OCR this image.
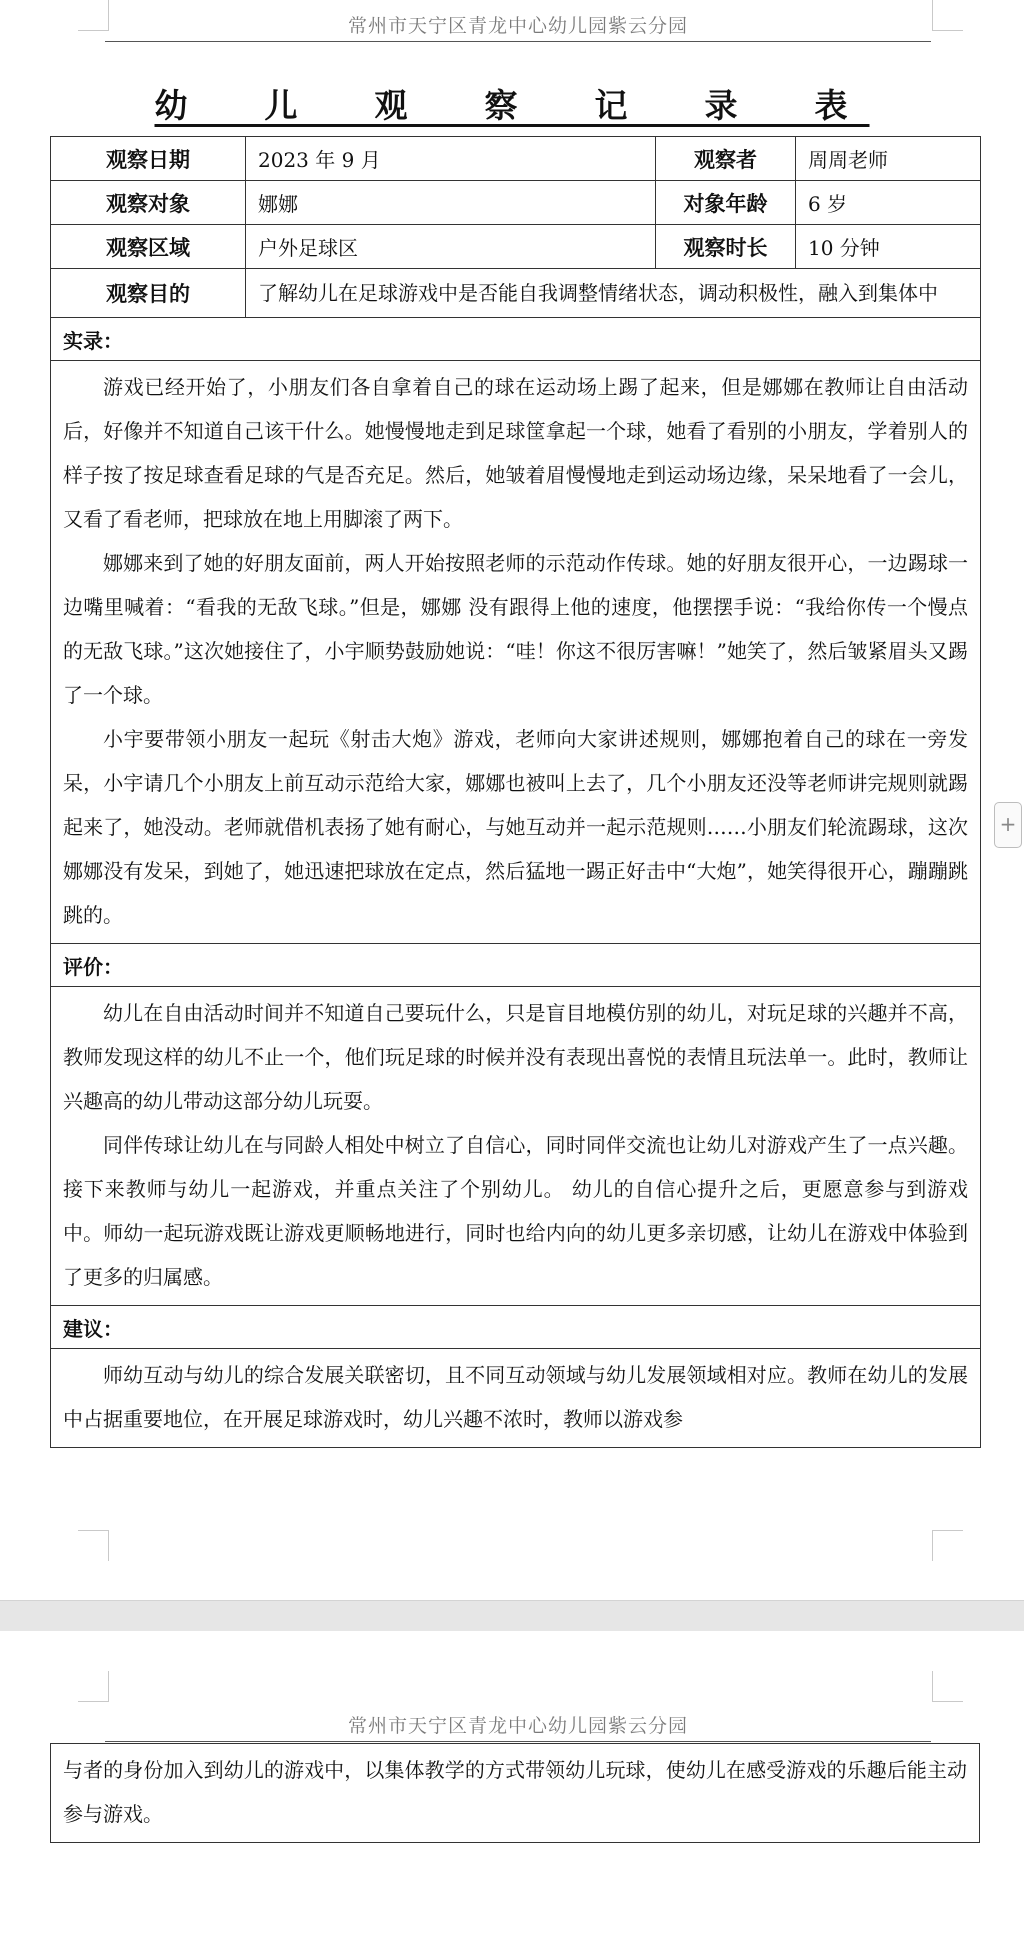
常州市天宁区青龙中心幼儿园紫云分园
幼　儿　观　察　记　录　表
观察日期	2023 年 9 月	观察者	周周老师
观察对象	娜娜	对象年龄	6 岁
观察区域	户外足球区	观察时长	10 分钟
观察目的	了解幼儿在足球游戏中是否能自我调整情绪状态，调动积极性，融入到集体中		
实录：			

游戏已经开始了，小朋友们各自拿着自己的球在运动场上踢了起来，但是娜娜在教师让自由活动后，好像并不知道自己该干什么。她慢慢地走到足球筐拿起一个球，她看了看别的小朋友，学着别人的样子按了按足球查看足球的气是否充足。然后，她皱着眉慢慢地走到运动场边缘，呆呆地看了一会儿，又看了看老师，把球放在地上用脚滚了两下。
娜娜来到了她的好朋友面前，两人开始按照老师的示范动作传球。她的好朋友很开心，一边踢球一边嘴里喊着：“看我的无敌飞球。”但是，娜娜 没有跟得上他的速度，他摆摆手说：“我给你传一个慢点的无敌飞球。”这次她接住了，小宇顺势鼓励她说：“哇！你这不很厉害嘛！”她笑了，然后皱紧眉头又踢了一个球。
小宇要带领小朋友一起玩《射击大炮》游戏，老师向大家讲述规则，娜娜抱着自己的球在一旁发呆，小宇请几个小朋友上前互动示范给大家，娜娜也被叫上去了，几个小朋友还没等老师讲完规则就踢起来了，她没动。老师就借机表扬了她有耐心，与她互动并一起示范规则……小朋友们轮流踢球，这次娜娜没有发呆，到她了，她迅速把球放在定点，然后猛地一踢正好击中“大炮”，她笑得很开心，蹦蹦跳跳的。			

评价：			

幼儿在自由活动时间并不知道自己要玩什么，只是盲目地模仿别的幼儿，对玩足球的兴趣并不高，教师发现这样的幼儿不止一个，他们玩足球的时候并没有表现出喜悦的表情且玩法单一。此时，教师让兴趣高的幼儿带动这部分幼儿玩耍。
同伴传球让幼儿在与同龄人相处中树立了自信心，同时同伴交流也让幼儿对游戏产生了一点兴趣。接下来教师与幼儿一起游戏，并重点关注了个别幼儿。 幼儿的自信心提升之后，更愿意参与到游戏中。师幼一起玩游戏既让游戏更顺畅地进行，同时也给内向的幼儿更多亲切感，让幼儿在游戏中体验到了更多的归属感。			

建议：			

师幼互动与幼儿的综合发展关联密切，且不同互动领域与幼儿发展领域相对应。教师在幼儿的发展中占据重要地位，在开展足球游戏时，幼儿兴趣不浓时，教师以游戏参			
常州市天宁区青龙中心幼儿园紫云分园
与者的身份加入到幼儿的游戏中，以集体教学的方式带领幼儿玩球，使幼儿在感受游戏的乐趣后能主动参与游戏。
+
